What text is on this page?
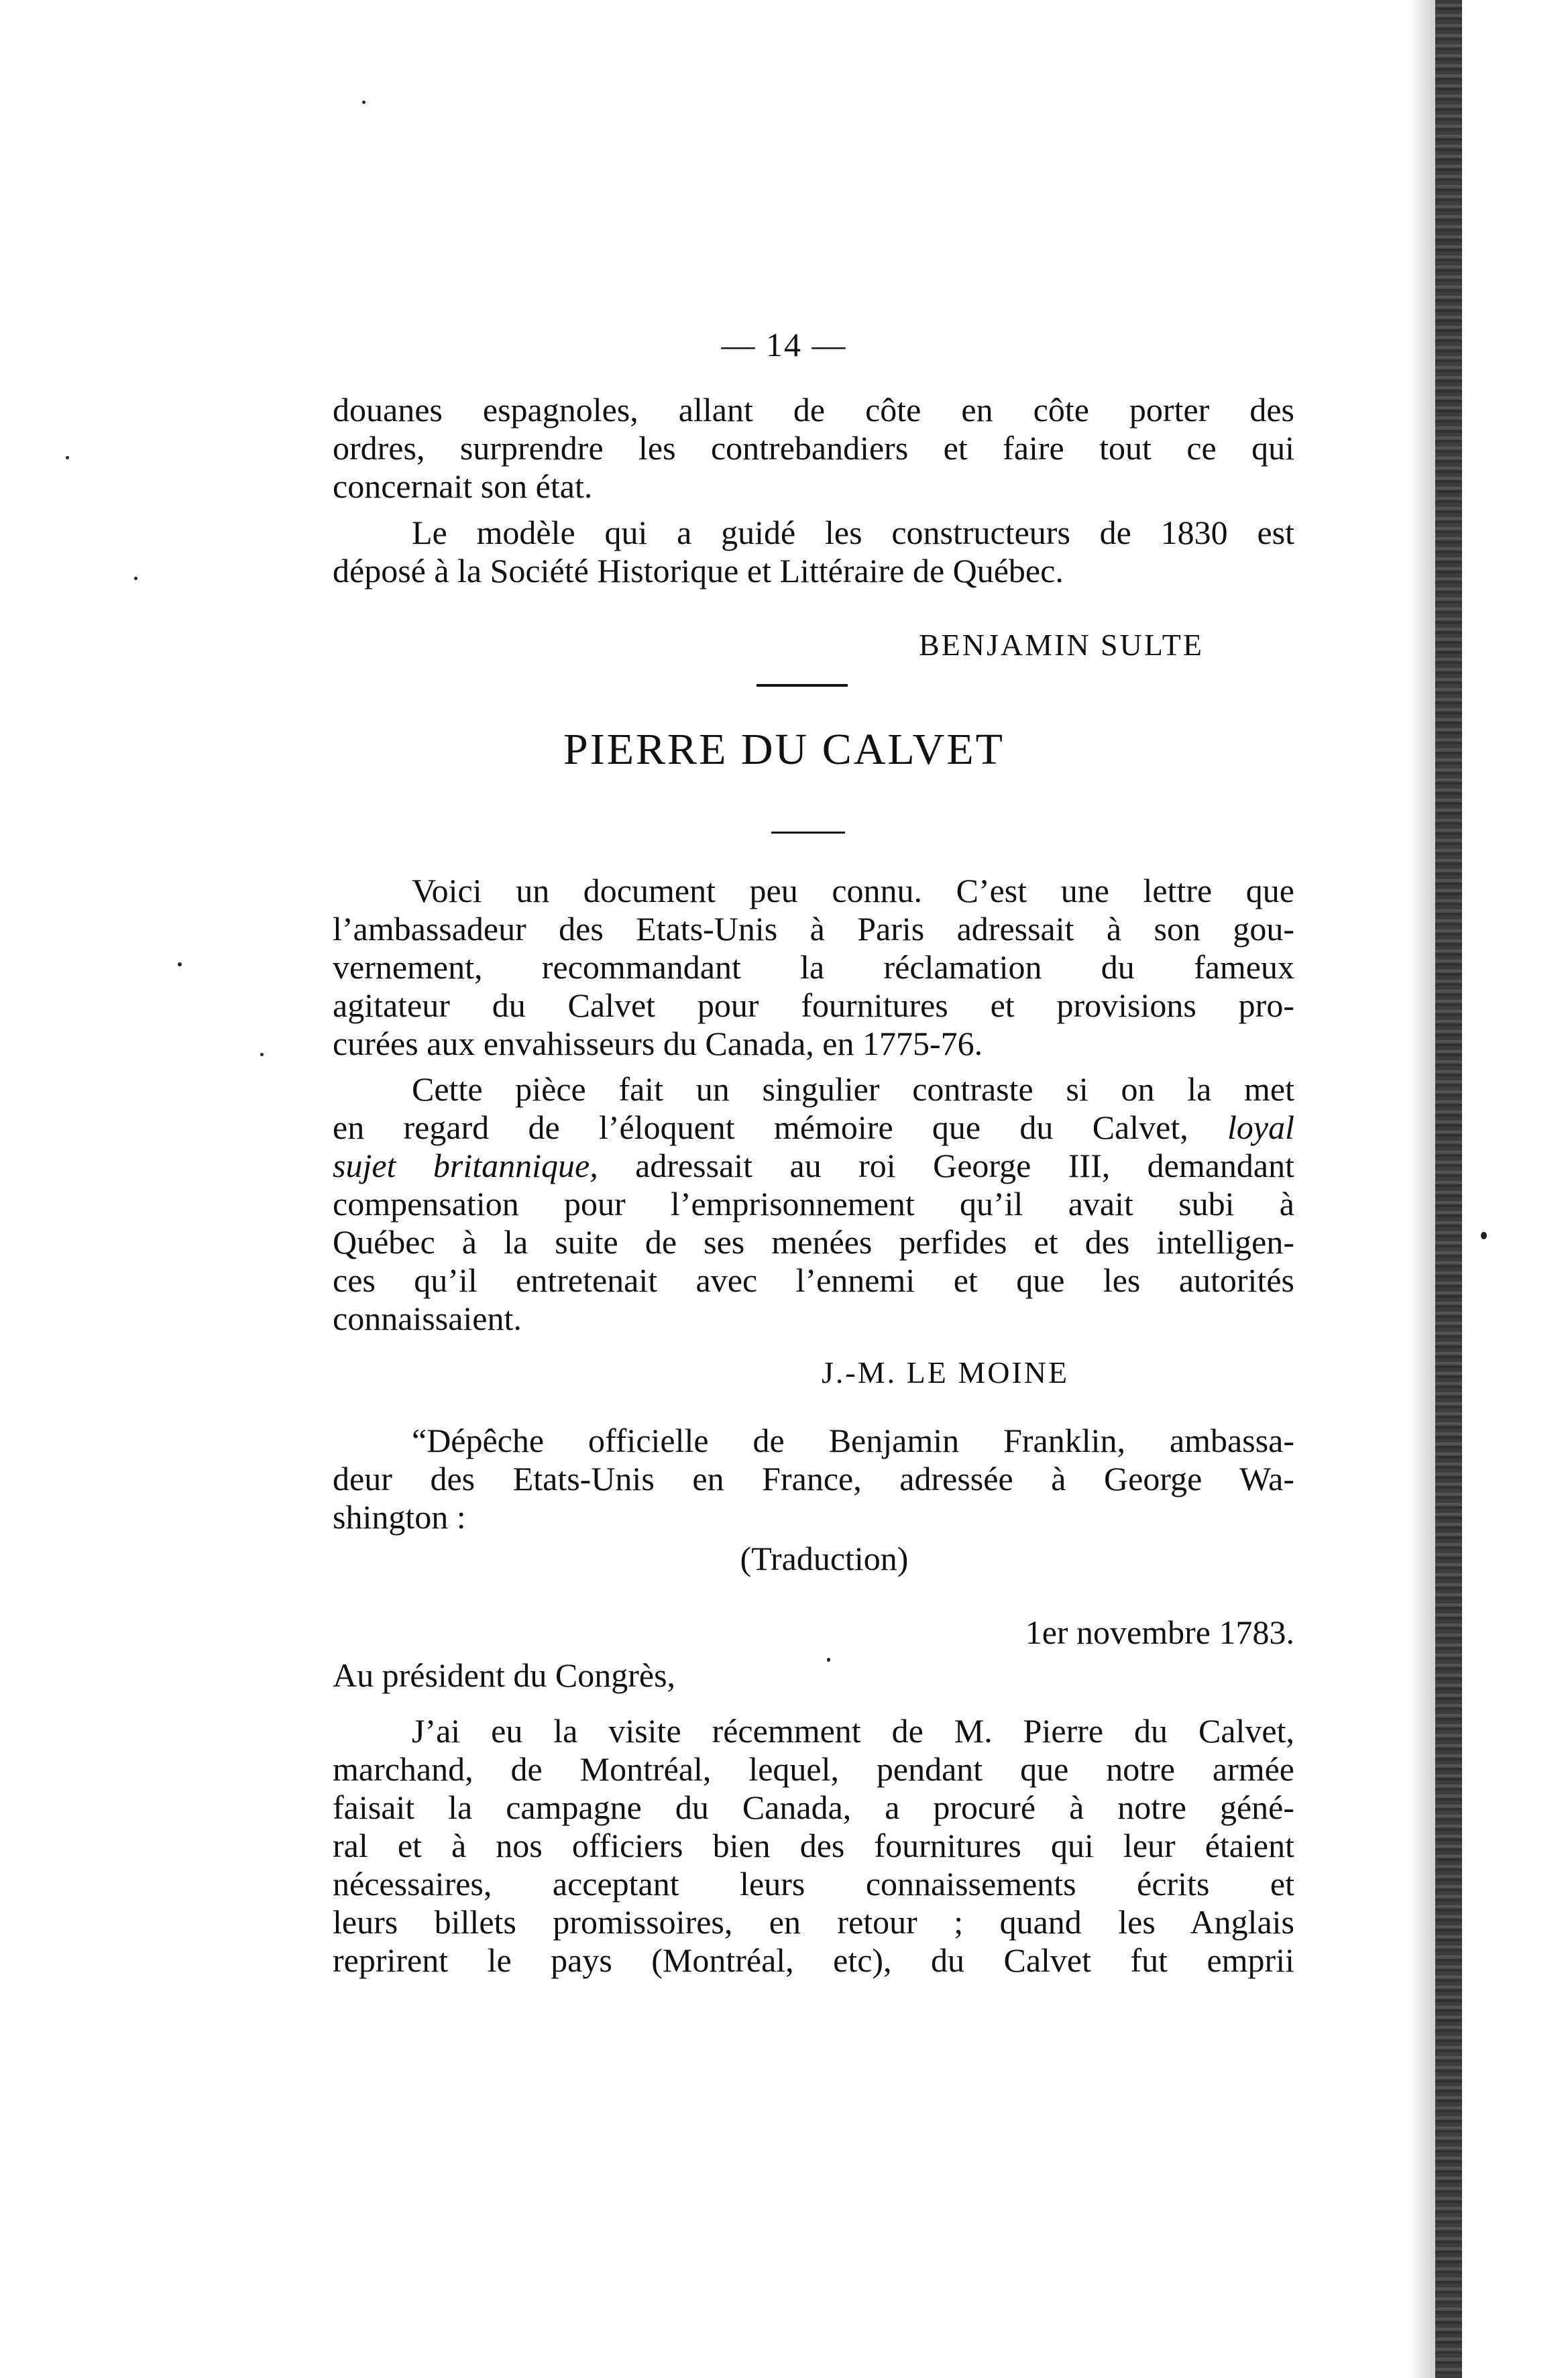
— 14 —
douanes espagnoles, allant de côte en côte porter des
ordres, surprendre les contrebandiers et faire tout ce qui
concernait son état.
Le modèle qui a guidé les constructeurs de 1830 est
déposé à la Société Historique et Littéraire de Québec.
BENJAMIN SULTE
PIERRE DU CALVET
Voici un document peu connu. C’est une lettre que
l’ambassadeur des Etats-Unis à Paris adressait à son gou-
vernement, recommandant la réclamation du fameux
agitateur du Calvet pour fournitures et provisions pro-
curées aux envahisseurs du Canada, en 1775-76.
Cette pièce fait un singulier contraste si on la met
en regard de l’éloquent mémoire que du Calvet, loyal
sujet britannique, adressait au roi George III, demandant
compensation pour l’emprisonnement qu’il avait subi à
Québec à la suite de ses menées perfides et des intelligen-
ces qu’il entretenait avec l’ennemi et que les autorités
connaissaient.
J.-M. LE MOINE
“Dépêche officielle de Benjamin Franklin, ambassa-
deur des Etats-Unis en France, adressée à George Wa-
shington :
(Traduction)
1er novembre 1783.
Au président du Congrès,
J’ai eu la visite récemment de M. Pierre du Calvet,
marchand, de Montréal, lequel, pendant que notre armée
faisait la campagne du Canada, a procuré à notre géné-
ral et à nos officiers bien des fournitures qui leur étaient
nécessaires, acceptant leurs connaissements écrits et
leurs billets promissoires, en retour ; quand les Anglais
reprirent le pays (Montréal, etc), du Calvet fut emprii
